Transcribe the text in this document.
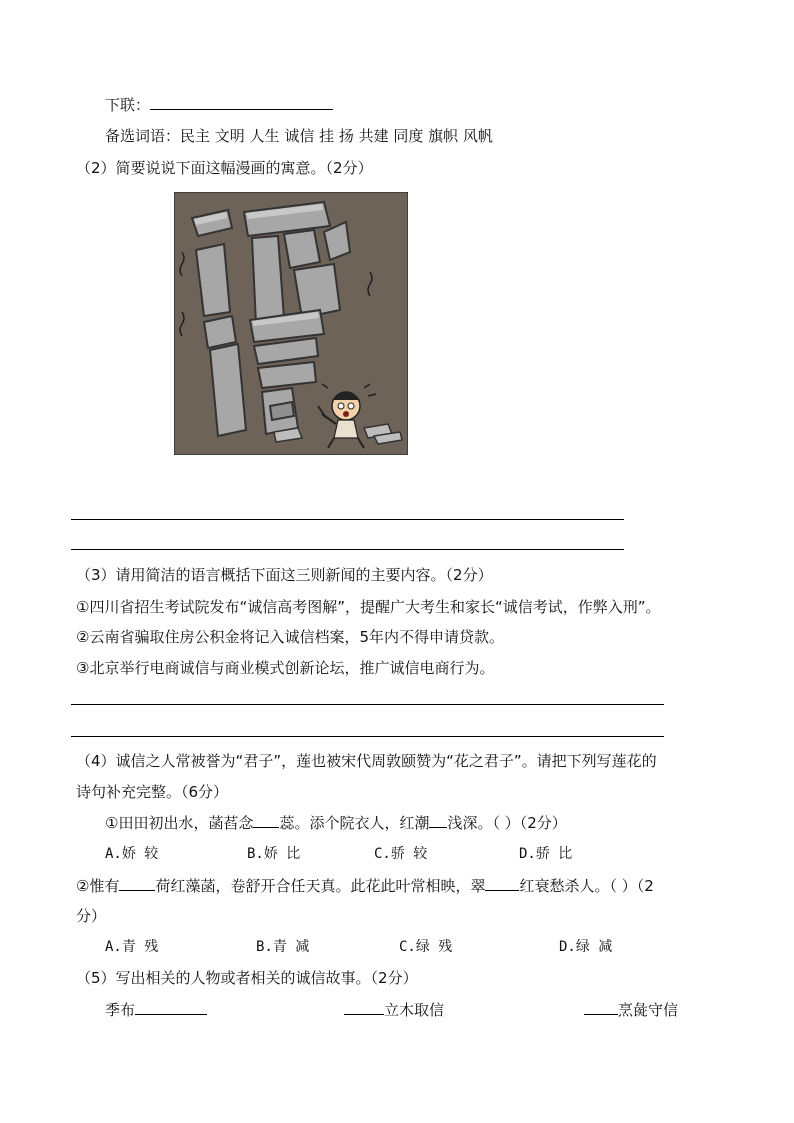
下联：
备选词语：民主 文明 人生 诚信 挂 扬 共建 同度 旗帜 风帆
（2）简要说说下面这幅漫画的寓意。（2分）
（3）请用简洁的语言概括下面这三则新闻的主要内容。（2分）
①四川省招生考试院发布“诚信高考图解”，提醒广大考生和家长“诚信考试，作弊入刑”。
②云南省骗取住房公积金将记入诚信档案，5年内不得申请贷款。
③北京举行电商诚信与商业模式创新论坛，推广诚信电商行为。
（4）诚信之人常被誉为“君子”，莲也被宋代周敦颐赞为“花之君子”。请把下列写莲花的
诗句补充完整。（6分）
①田田初出水，菡萏念 蕊。添个院衣人，红潮 浅深。（ ）（2分）
A.娇 较	B.娇 比	C.骄 较	D.骄 比
②惟有 荷红藻菡，卷舒开合任天真。此花此叶常相映，翠 红衰愁杀人。（ ）（2
分）
A.青 残	B.青 减	C.绿 残	D.绿 减
（5）写出相关的人物或者相关的诚信故事。（2分）
季布	立木取信	烹彘守信
